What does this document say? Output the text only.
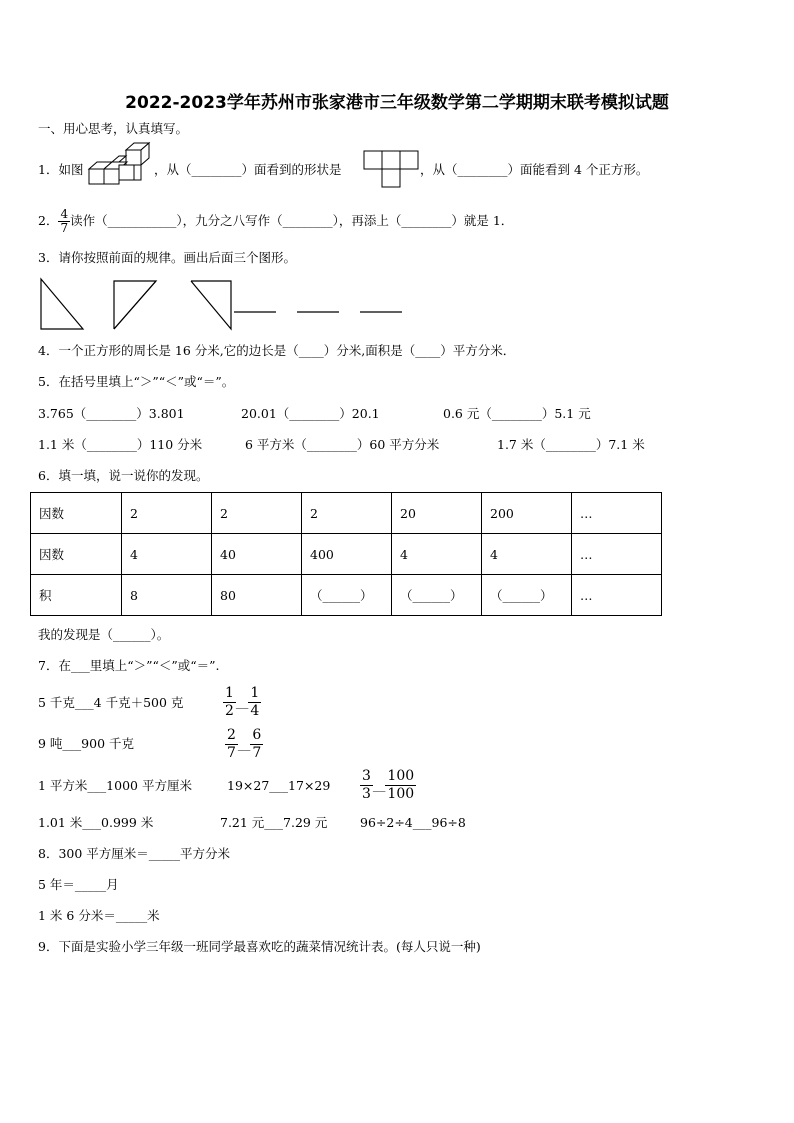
2022-2023学年苏州市张家港市三年级数学第二学期期末联考模拟试题
一、用心思考，认真填写。
1．如图	，从（________）面看到的形状是	，从（________）面能看到 4 个正方形。
2． $\frac{4}{7}$ 读作（___________），九分之八写作（________），再添上（________）就是 1．
3．请你按照前面的规律。画出后面三个图形。
4．一个正方形的周长是 16 分米,它的边长是（____）分米,面积是（____）平方分米．
5．在括号里填上“＞”“＜”或“＝”。
3.765（________）3.801	20.01（________）20.1	0.6 元（________）5.1 元
1.1 米（________）110 分米	6 平方米（________）60 平方分米	1.7 米（________）7.1 米
6．填一填，说一说你的发现。
因数	2	2	2	20	200	…
因数	4	40	400	4	4	…
积	8	80	（______）	（______）	（______）	…
我的发现是（______）。
7．在___里填上“＞”“＜”或“＝”.
5 千克___4 千克＋500 克	$\frac{1}{2}$ __ $\frac{1}{4}$
9 吨___900 千克	$\frac{2}{7}$ __ $\frac{6}{7}$
1 平方米___1000 平方厘米	19×27___17×29 $\frac{3}{3}$ __ $\frac{100}{100}$
1.01 米___0.999 米	7.21 元___7.29 元	96÷2÷4___96÷8
8．300 平方厘米＝_____平方分米
5 年＝_____月
1 米 6 分米＝_____米
9．下面是实验小学三年级一班同学最喜欢吃的蔬菜情况统计表。(每人只说一种)
